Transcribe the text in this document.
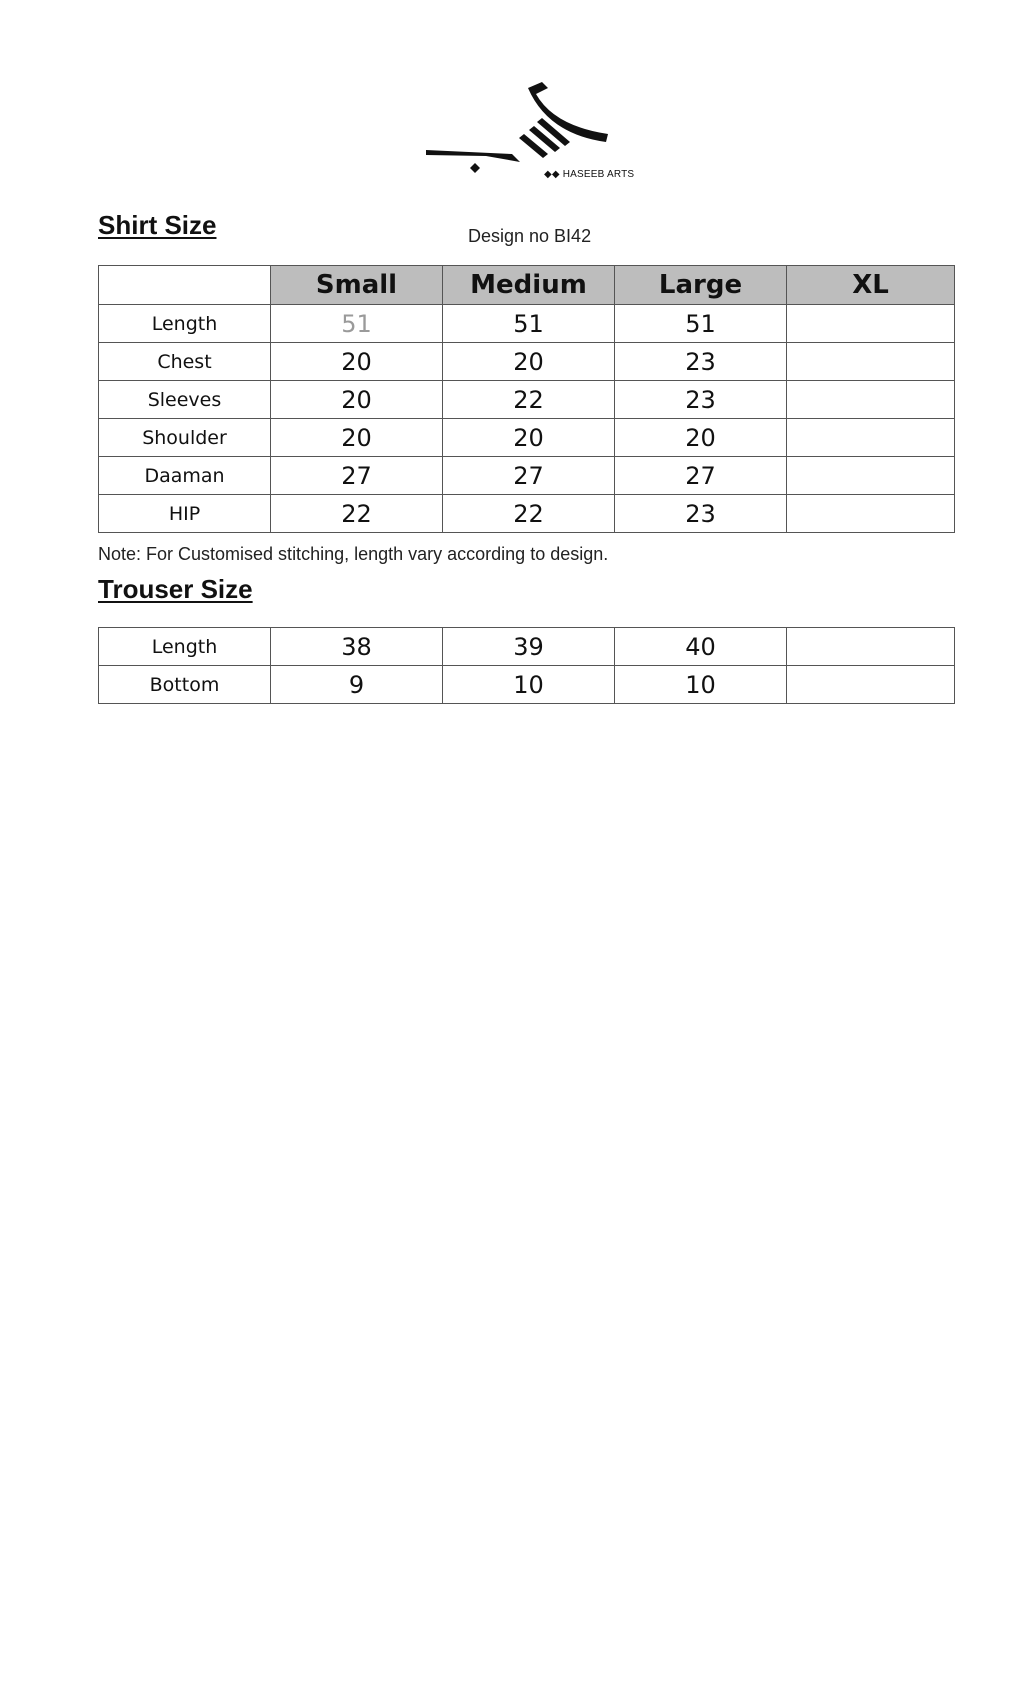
◆◆ HASEEB ARTS
Shirt Size	Design no BI42
	Small	Medium	Large	XL
Length	51	51	51	
Chest	20	20	23	
Sleeves	20	22	23	
Shoulder	20	20	20	
Daaman	27	27	27	
HIP	22	22	23	
Note: For Customised stitching, length vary according to design.
Trouser Size
Length	38	39	40	
Bottom	9	10	10	
